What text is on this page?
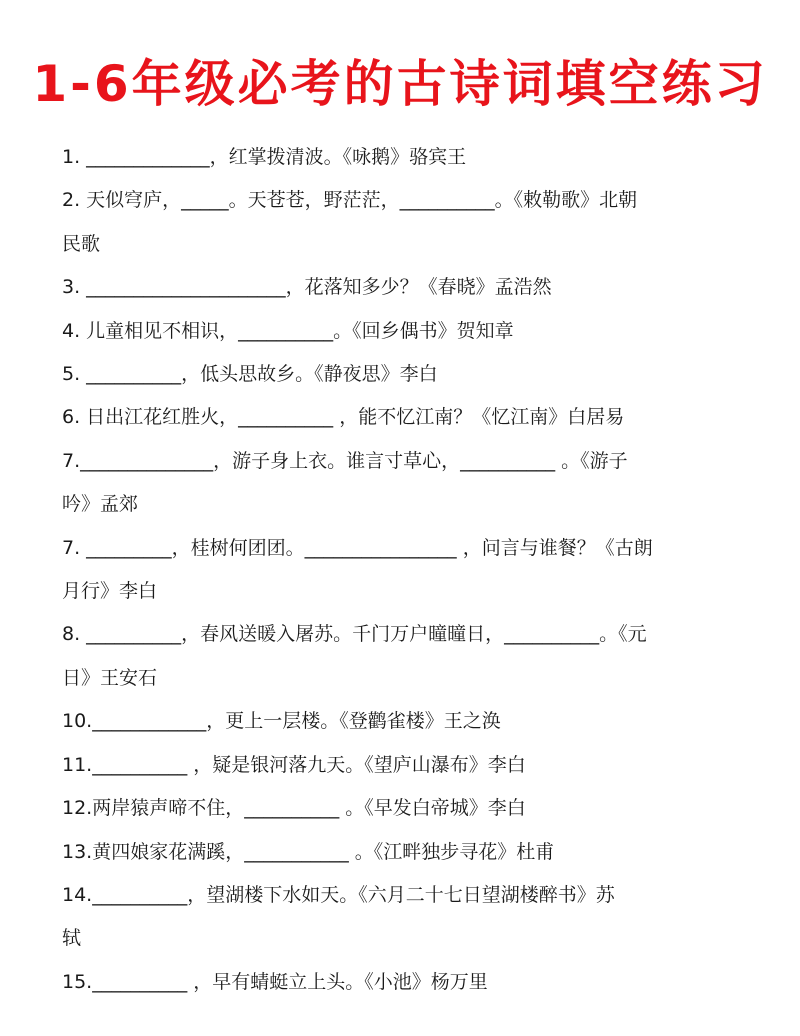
1-6年级必考的古诗词填空练习
1. _____________，红掌拨清波。《咏鹅》骆宾王
2. 天似穹庐，_____。天苍苍，野茫茫，__________。《敕勒歌》北朝
民歌
3. _____________________，花落知多少？《春晓》孟浩然
4. 儿童相见不相识，__________。《回乡偶书》贺知章
5. __________，低头思故乡。《静夜思》李白
6. 日出江花红胜火，__________ ，能不忆江南？《忆江南》白居易
7.______________，游子身上衣。谁言寸草心，__________ 。《游子
吟》孟郊
7. _________，桂树何团团。________________ ，问言与谁餐？《古朗
月行》李白
8. __________，春风送暖入屠苏。千门万户曈曈日，__________。《元
日》王安石
10.____________，更上一层楼。《登鹳雀楼》王之涣
11.__________ ，疑是银河落九天。《望庐山瀑布》李白
12.两岸猿声啼不住，__________ 。《早发白帝城》李白
13.黄四娘家花满蹊，___________ 。《江畔独步寻花》杜甫
14.__________，望湖楼下水如天。《六月二十七日望湖楼醉书》苏
轼
15.__________ ，早有蜻蜓立上头。《小池》杨万里
